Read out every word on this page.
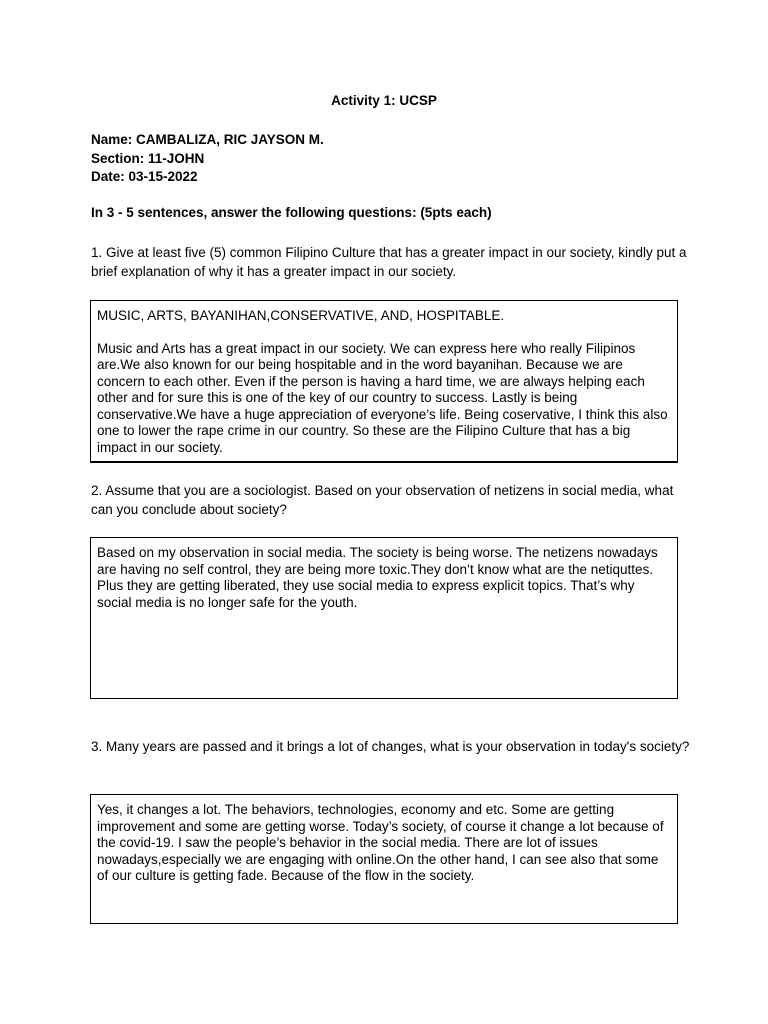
Activity 1: UCSP
Name: CAMBALIZA, RIC JAYSON M.
Section: 11-JOHN
Date: 03-15-2022
In 3 - 5 sentences, answer the following questions: (5pts each)
1. Give at least five (5) common Filipino Culture that has a greater impact in our society, kindly put a brief explanation of why it has a greater impact in our society.

MUSIC, ARTS, BAYANIHAN,CONSERVATIVE, AND, HOSPITABLE.

Music and Arts has a great impact in our society. We can express here who really Filipinos are.We also known for our being hospitable and in the word bayanihan. Because we are concern to each other. Even if the person is having a hard time, we are always helping each other and for sure this is one of the key of our country to success. Lastly is being conservative.We have a huge appreciation of everyone’s life. Being coservative, I think this also one to lower the rape crime in our country. So these are the Filipino Culture that has a big impact in our society.

2. Assume that you are a sociologist. Based on your observation of netizens in social media, what can you conclude about society?

Based on my observation in social media. The society is being worse. The netizens nowadays are having no self control, they are being more toxic.They don’t know what are the netiquttes. Plus they are getting liberated, they use social media to express explicit topics. That’s why social media is no longer safe for the youth.

3. Many years are passed and it brings a lot of changes, what is your observation in today's society?

Yes, it changes a lot. The behaviors, technologies, economy and etc. Some are getting improvement and some are getting worse. Today’s society, of course it change a lot because of the covid-19. I saw the people’s behavior in the social media. There are lot of issues nowadays,especially we are engaging with online.On the other hand, I can see also that some of our culture is getting fade. Because of the flow in the society.
